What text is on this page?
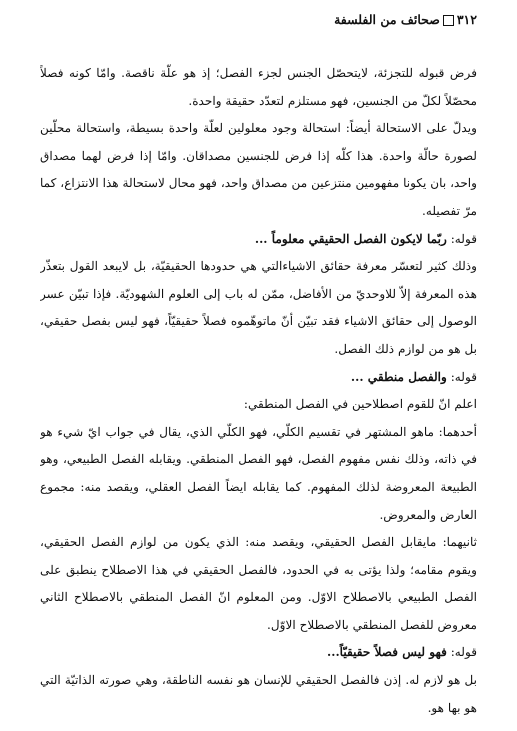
٣١٢صحائف من الفلسفة

فرض قبوله للتجزئة، لايتحصّل الجنس لجزء الفصل؛ إذ هو علّة ناقصة. وامّا كونه فصلاً محصّلاً لكلّ من الجنسين، فهو مستلزم لتعدّد حقيقة واحدة.

ويدلّ على الاستحالة أيضاً: استحالة وجود معلولين لعلّة واحدة بسيطة، واستحالة محلّين لصورة حالّة واحدة. هذا كلّه إذا فرض للجنسين مصداقان. وامّا إذا فرض لهما مصداق واحد، بان يكونا مفهومين منتزعين من مصداق واحد، فهو محال لاستحالة هذا الانتزاع، كما مرّ تفصيله.

قوله: ربّما لايكون الفصل الحقيقي معلوماً ...

وذلك كثير لتعسّر معرفة حقائق الاشياءالتي هي حدودها الحقيقيّة، بل لايبعد القول بتعذّر هذه المعرفة إلاّ للاوحديّ من الأفاضل، ممّن له باب إلى العلوم الشهوديّة. فإذا تبيّن عسر الوصول إلى حقائق الاشياء فقد تبيّن أنّ ماتوهّموه فصلاً حقيقيّاً، فهو ليس بفصل حقيقي، بل هو من لوازم ذلك الفصل.

قوله: والفصل منطقي ...

اعلم انّ للقوم اصطلاحين في الفصل المنطقي:

أحدهما: ماهو المشتهر في تقسيم الكلّي، فهو الكلّي الذي، يقال في جواب ايّ شيء هو في ذاته، وذلك نفس مفهوم الفصل، فهو الفصل المنطقي. ويقابله الفصل الطبيعي، وهو الطبيعة المعروضة لذلك المفهوم. كما يقابله ايضاً الفصل العقلي، ويقصد منه: مجموع العارض والمعروض.

ثانيهما: مايقابل الفصل الحقيقي، ويقصد منه: الذي يكون من لوازم الفصل الحقيقي، ويقوم مقامه؛ ولذا يؤتى به في الحدود، فالفصل الحقيقي في هذا الاصطلاح ينطبق على الفصل الطبيعي بالاصطلاح الاوّل. ومن المعلوم انّ الفصل المنطقي بالاصطلاح الثاني معروض للفصل المنطقي بالاصطلاح الاوّل.

قوله: فهو ليس فصلاً حقيقيّاً...

بل هو لازم له. إذن فالفصل الحقيقي للإنسان هو نفسه الناطقة، وهي صورته الذاتيّة التي هو بها هو.
